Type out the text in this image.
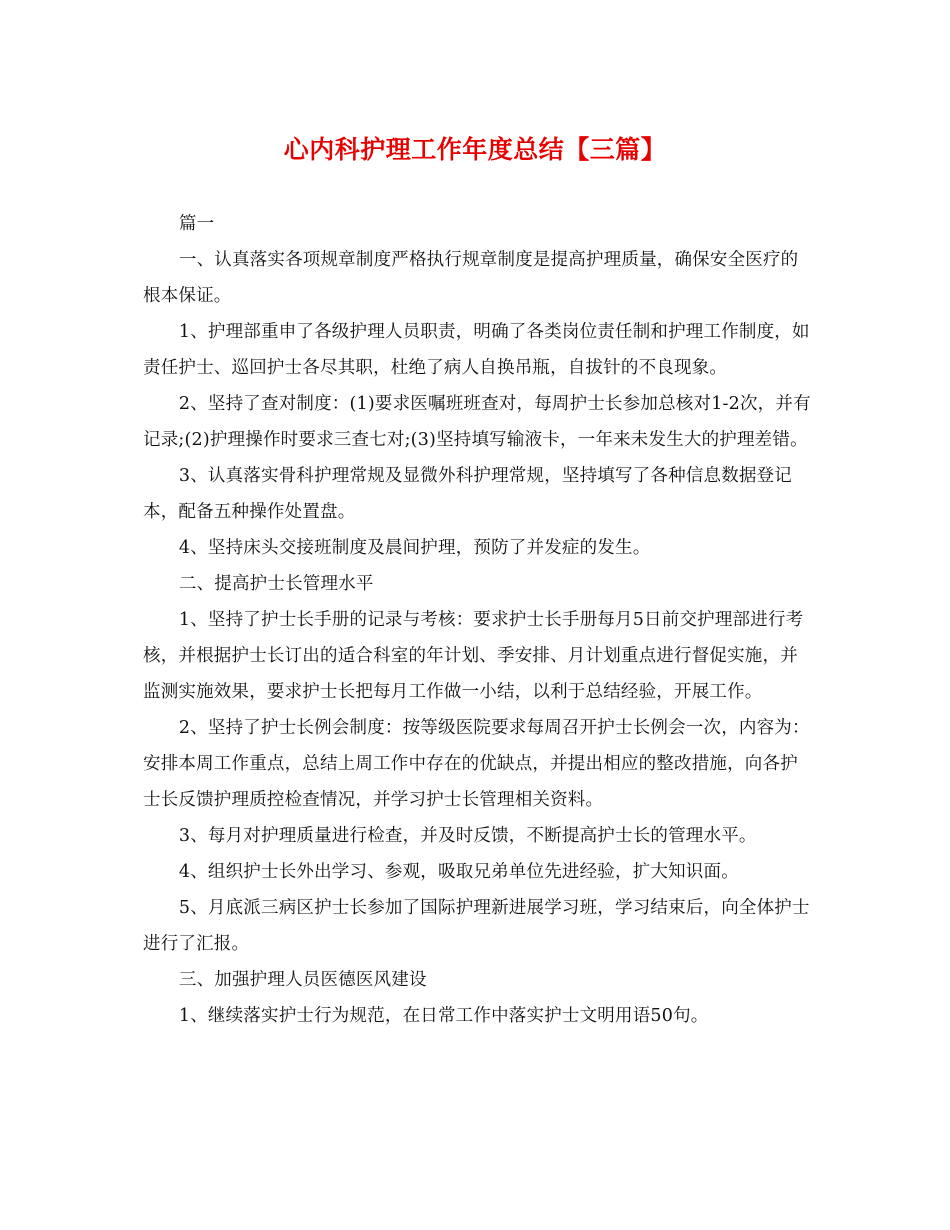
心内科护理工作年度总结【三篇】

篇一

一、认真落实各项规章制度严格执行规章制度是提高护理质量，确保安全医疗的根本保证。

1、护理部重申了各级护理人员职责，明确了各类岗位责任制和护理工作制度，如责任护士、巡回护士各尽其职，杜绝了病人自换吊瓶，自拔针的不良现象。

2、坚持了查对制度：(1)要求医嘱班班查对，每周护士长参加总核对1-2次，并有记录;(2)护理操作时要求三查七对;(3)坚持填写输液卡，一年来未发生大的护理差错。

3、认真落实骨科护理常规及显微外科护理常规，坚持填写了各种信息数据登记本，配备五种操作处置盘。

4、坚持床头交接班制度及晨间护理，预防了并发症的发生。

二、提高护士长管理水平

1、坚持了护士长手册的记录与考核：要求护士长手册每月5日前交护理部进行考核，并根据护士长订出的适合科室的年计划、季安排、月计划重点进行督促实施，并监测实施效果，要求护士长把每月工作做一小结，以利于总结经验，开展工作。

2、坚持了护士长例会制度：按等级医院要求每周召开护士长例会一次，内容为：安排本周工作重点，总结上周工作中存在的优缺点，并提出相应的整改措施，向各护士长反馈护理质控检查情况，并学习护士长管理相关资料。

3、每月对护理质量进行检查，并及时反馈，不断提高护士长的管理水平。

4、组织护士长外出学习、参观，吸取兄弟单位先进经验，扩大知识面。

5、月底派三病区护士长参加了国际护理新进展学习班，学习结束后，向全体护士进行了汇报。

三、加强护理人员医德医风建设

1、继续落实护士行为规范，在日常工作中落实护士文明用语50句。
